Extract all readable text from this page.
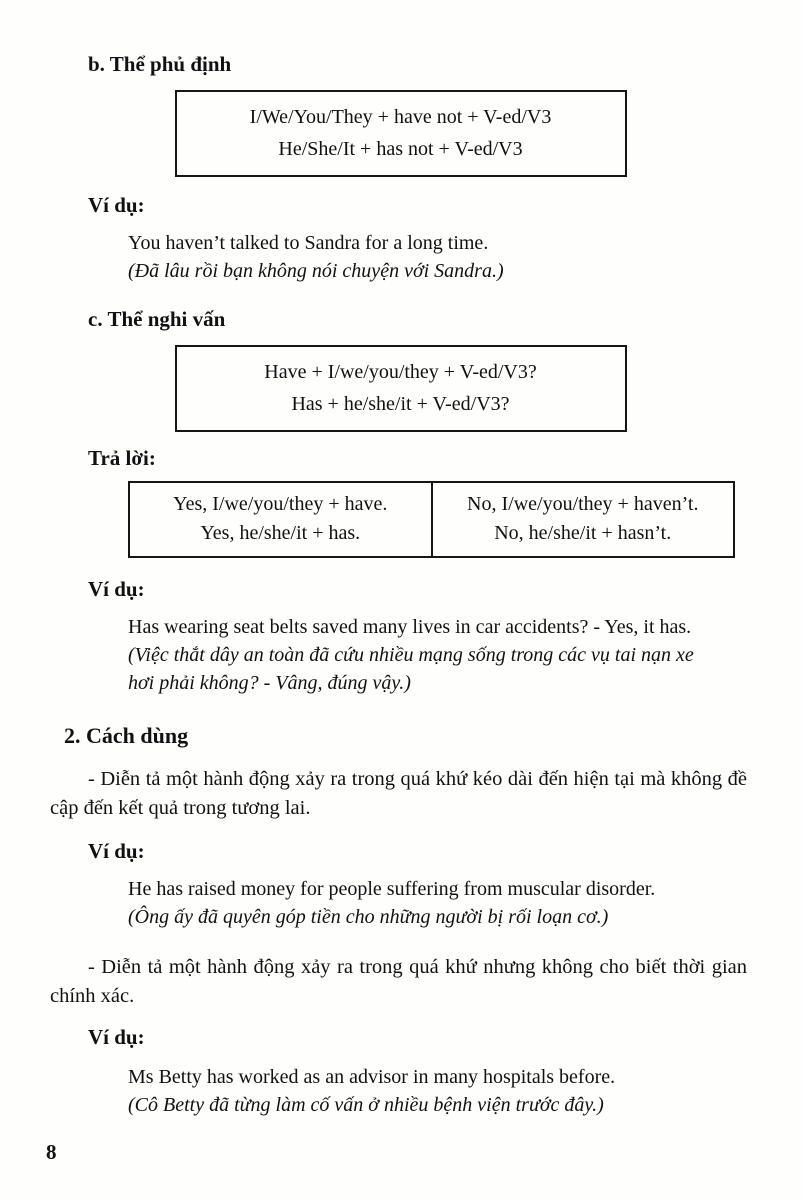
b. Thể phủ định
I/We/You/They + have not + V-ed/V3
He/She/It + has not + V-ed/V3
Ví dụ:
You haven’t talked to Sandra for a long time.
(Đã lâu rồi bạn không nói chuyện với Sandra.)
c. Thể nghi vấn
Have + I/we/you/they + V-ed/V3?
Has + he/she/it + V-ed/V3?
Trả lời:
Yes, I/we/you/they + have.
Yes, he/she/it + has.
No, I/we/you/they + haven’t.
No, he/she/it + hasn’t.
Ví dụ:
Has wearing seat belts saved many lives in car accidents? - Yes, it has.
(Việc thắt dây an toàn đã cứu nhiều mạng sống trong các vụ tai nạn xe hơi phải không? - Vâng, đúng vậy.)
2. Cách dùng
- Diễn tả một hành động xảy ra trong quá khứ kéo dài đến hiện tại mà không đề cập đến kết quả trong tương lai.
Ví dụ:
He has raised money for people suffering from muscular disorder.
(Ông ấy đã quyên góp tiền cho những người bị rối loạn cơ.)
- Diễn tả một hành động xảy ra trong quá khứ nhưng không cho biết thời gian chính xác.
Ví dụ:
Ms Betty has worked as an advisor in many hospitals before.
(Cô Betty đã từng làm cố vấn ở nhiều bệnh viện trước đây.)
8
